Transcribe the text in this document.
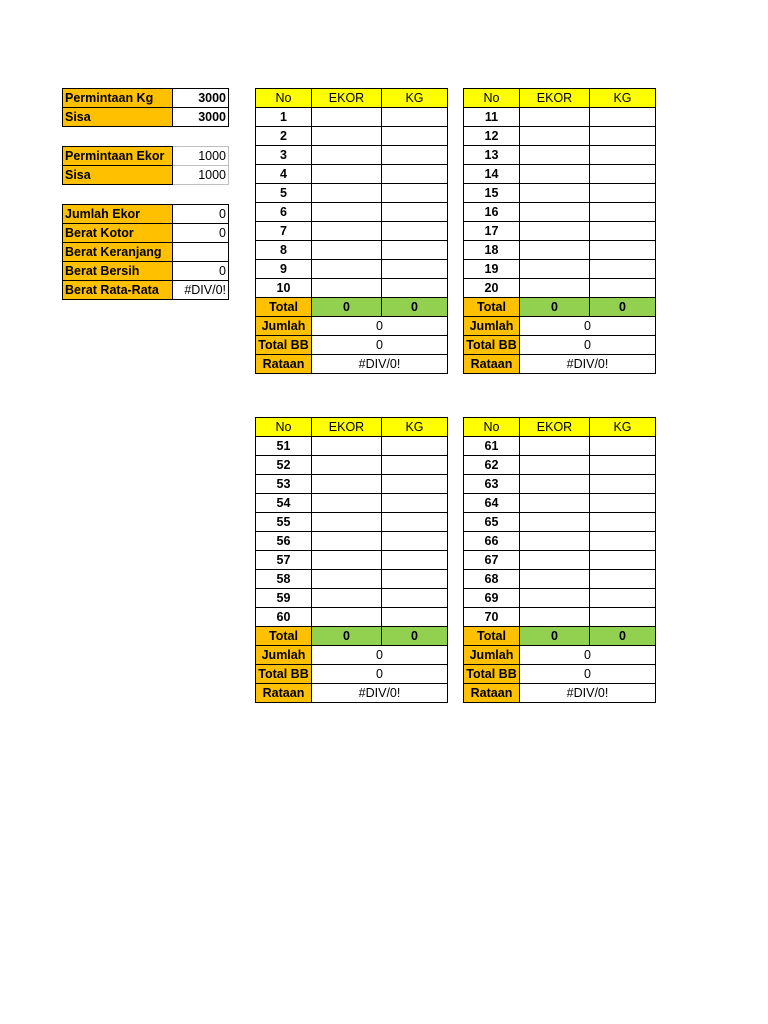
Permintaan Kg	3000
Sisa	3000
Permintaan Ekor	1000
Sisa	1000
Jumlah Ekor	0
Berat Kotor	0
Berat Keranjang	
Berat Bersih	0
Berat Rata-Rata	#DIV/0!
No	EKOR	KG
1		
2		
3		
4		
5		
6		
7		
8		
9		
10		
Total	0	0
Jumlah	0	
Total BB	0	
Rataan	#DIV/0!	
No	EKOR	KG
11		
12		
13		
14		
15		
16		
17		
18		
19		
20		
Total	0	0
Jumlah	0	
Total BB	0	
Rataan	#DIV/0!	
No	EKOR	KG
51		
52		
53		
54		
55		
56		
57		
58		
59		
60		
Total	0	0
Jumlah	0	
Total BB	0	
Rataan	#DIV/0!	
No	EKOR	KG
61		
62		
63		
64		
65		
66		
67		
68		
69		
70		
Total	0	0
Jumlah	0	
Total BB	0	
Rataan	#DIV/0!	
